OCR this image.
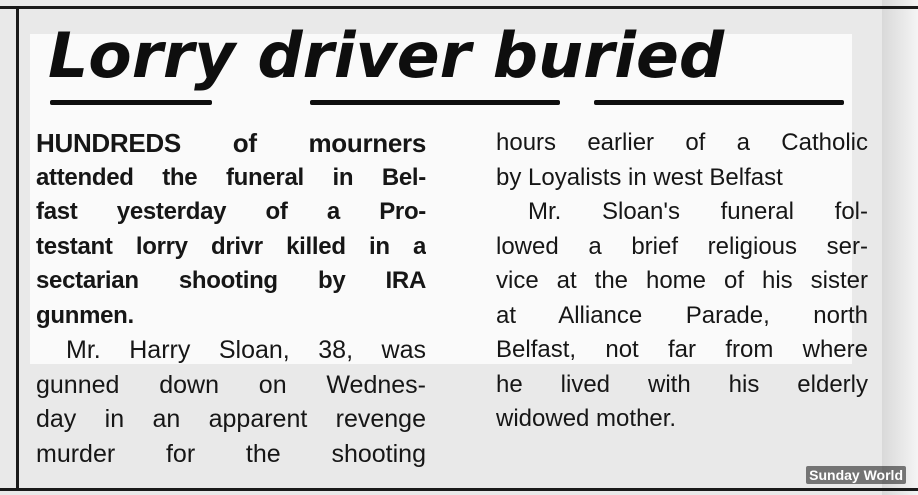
Lorry driver buried
HUNDREDS of mourners
attended the funeral in Bel-
fast yesterday of a Pro-
testant lorry drivr killed in a
sectarian shooting by IRA
gunmen.
Mr. Harry Sloan, 38, was
gunned down on Wednes-
day in an apparent revenge
murder for the shooting
hours earlier of a Catholic
by Loyalists in west Belfast
Mr. Sloan's funeral fol-
lowed a brief religious ser-
vice at the home of his sister
at Alliance Parade, north
Belfast, not far from where
he lived with his elderly
widowed mother.
Sunday World
